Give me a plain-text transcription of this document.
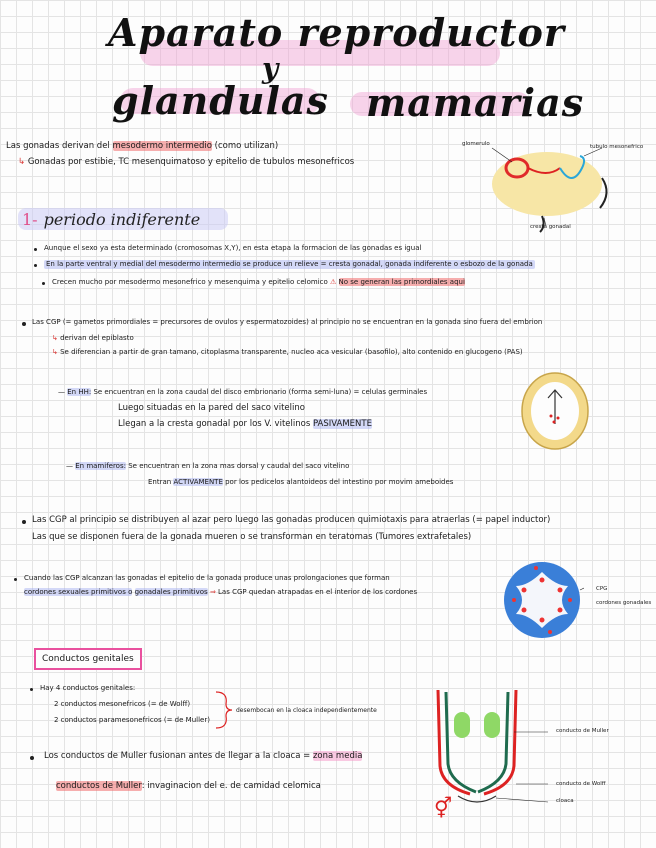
Aparato reproductor
y
glandulas mamarias
Las gonadas derivan del mesodermo intermedio (como utilizan)
↳ Gonadas por estibie, TC mesenquimatoso y epitelio de tubulos mesonefricos
glomerulo	tubulo mesonefrico
cresta gonadal
1- periodo indiferente
Aunque el sexo ya esta determinado (cromosomas X,Y), en esta etapa la formacion de las gonadas es igual
En la parte ventral y medial del mesodermo intermedio se produce un relieve = cresta gonadal, gonada indiferente o esbozo de la gonada
Crecen mucho por mesodermo mesonefrico y mesenquima y epitelio celomico ⚠ No se generan las primordiales aqui
Las CGP (= gametos primordiales = precursores de ovulos y espermatozoides) al principio no se encuentran en la gonada sino fuera del embrion
↳ derivan del epiblasto
↳ Se diferencian a partir de gran tamano, citoplasma transparente, nucleo aca vesicular (basofilo), alto contenido en glucogeno (PAS)
— En HH: Se encuentran en la zona caudal del disco embrionario (forma semi-luna) = celulas germinales
Luego situadas en la pared del saco vitelino
Llegan a la cresta gonadal por los V. vitelinos PASIVAMENTE
— En mamiferos: Se encuentran en la zona mas dorsal y caudal del saco vitelino
Entran ACTIVAMENTE por los pedicelos alantoideos del intestino por movim ameboides
Las CGP al principio se distribuyen al azar pero luego las gonadas producen quimiotaxis para atraerlas (= papel inductor)
Las que se disponen fuera de la gonada mueren o se transforman en teratomas (Tumores extrafetales)
Cuando las CGP alcanzan las gonadas el epitelio de la gonada produce unas prolongaciones que forman
cordones sexuales primitivos o gonadales primitivos ⇒ Las CGP quedan atrapadas en el interior de los cordones	CPG
cordones gonadales
Conductos genitales
Hay 4 conductos genitales:
2 conductos mesonefricos (= de Wolff)
2 conductos paramesonefricos (= de Muller)
desembocan en la cloaca independientemente
Los conductos de Muller fusionan antes de llegar a la cloaca = zona media
conductos de Muller: invaginacion del e. de camidad celomica
conducto de Muller
conducto de Wolff
cloaca
⚥
